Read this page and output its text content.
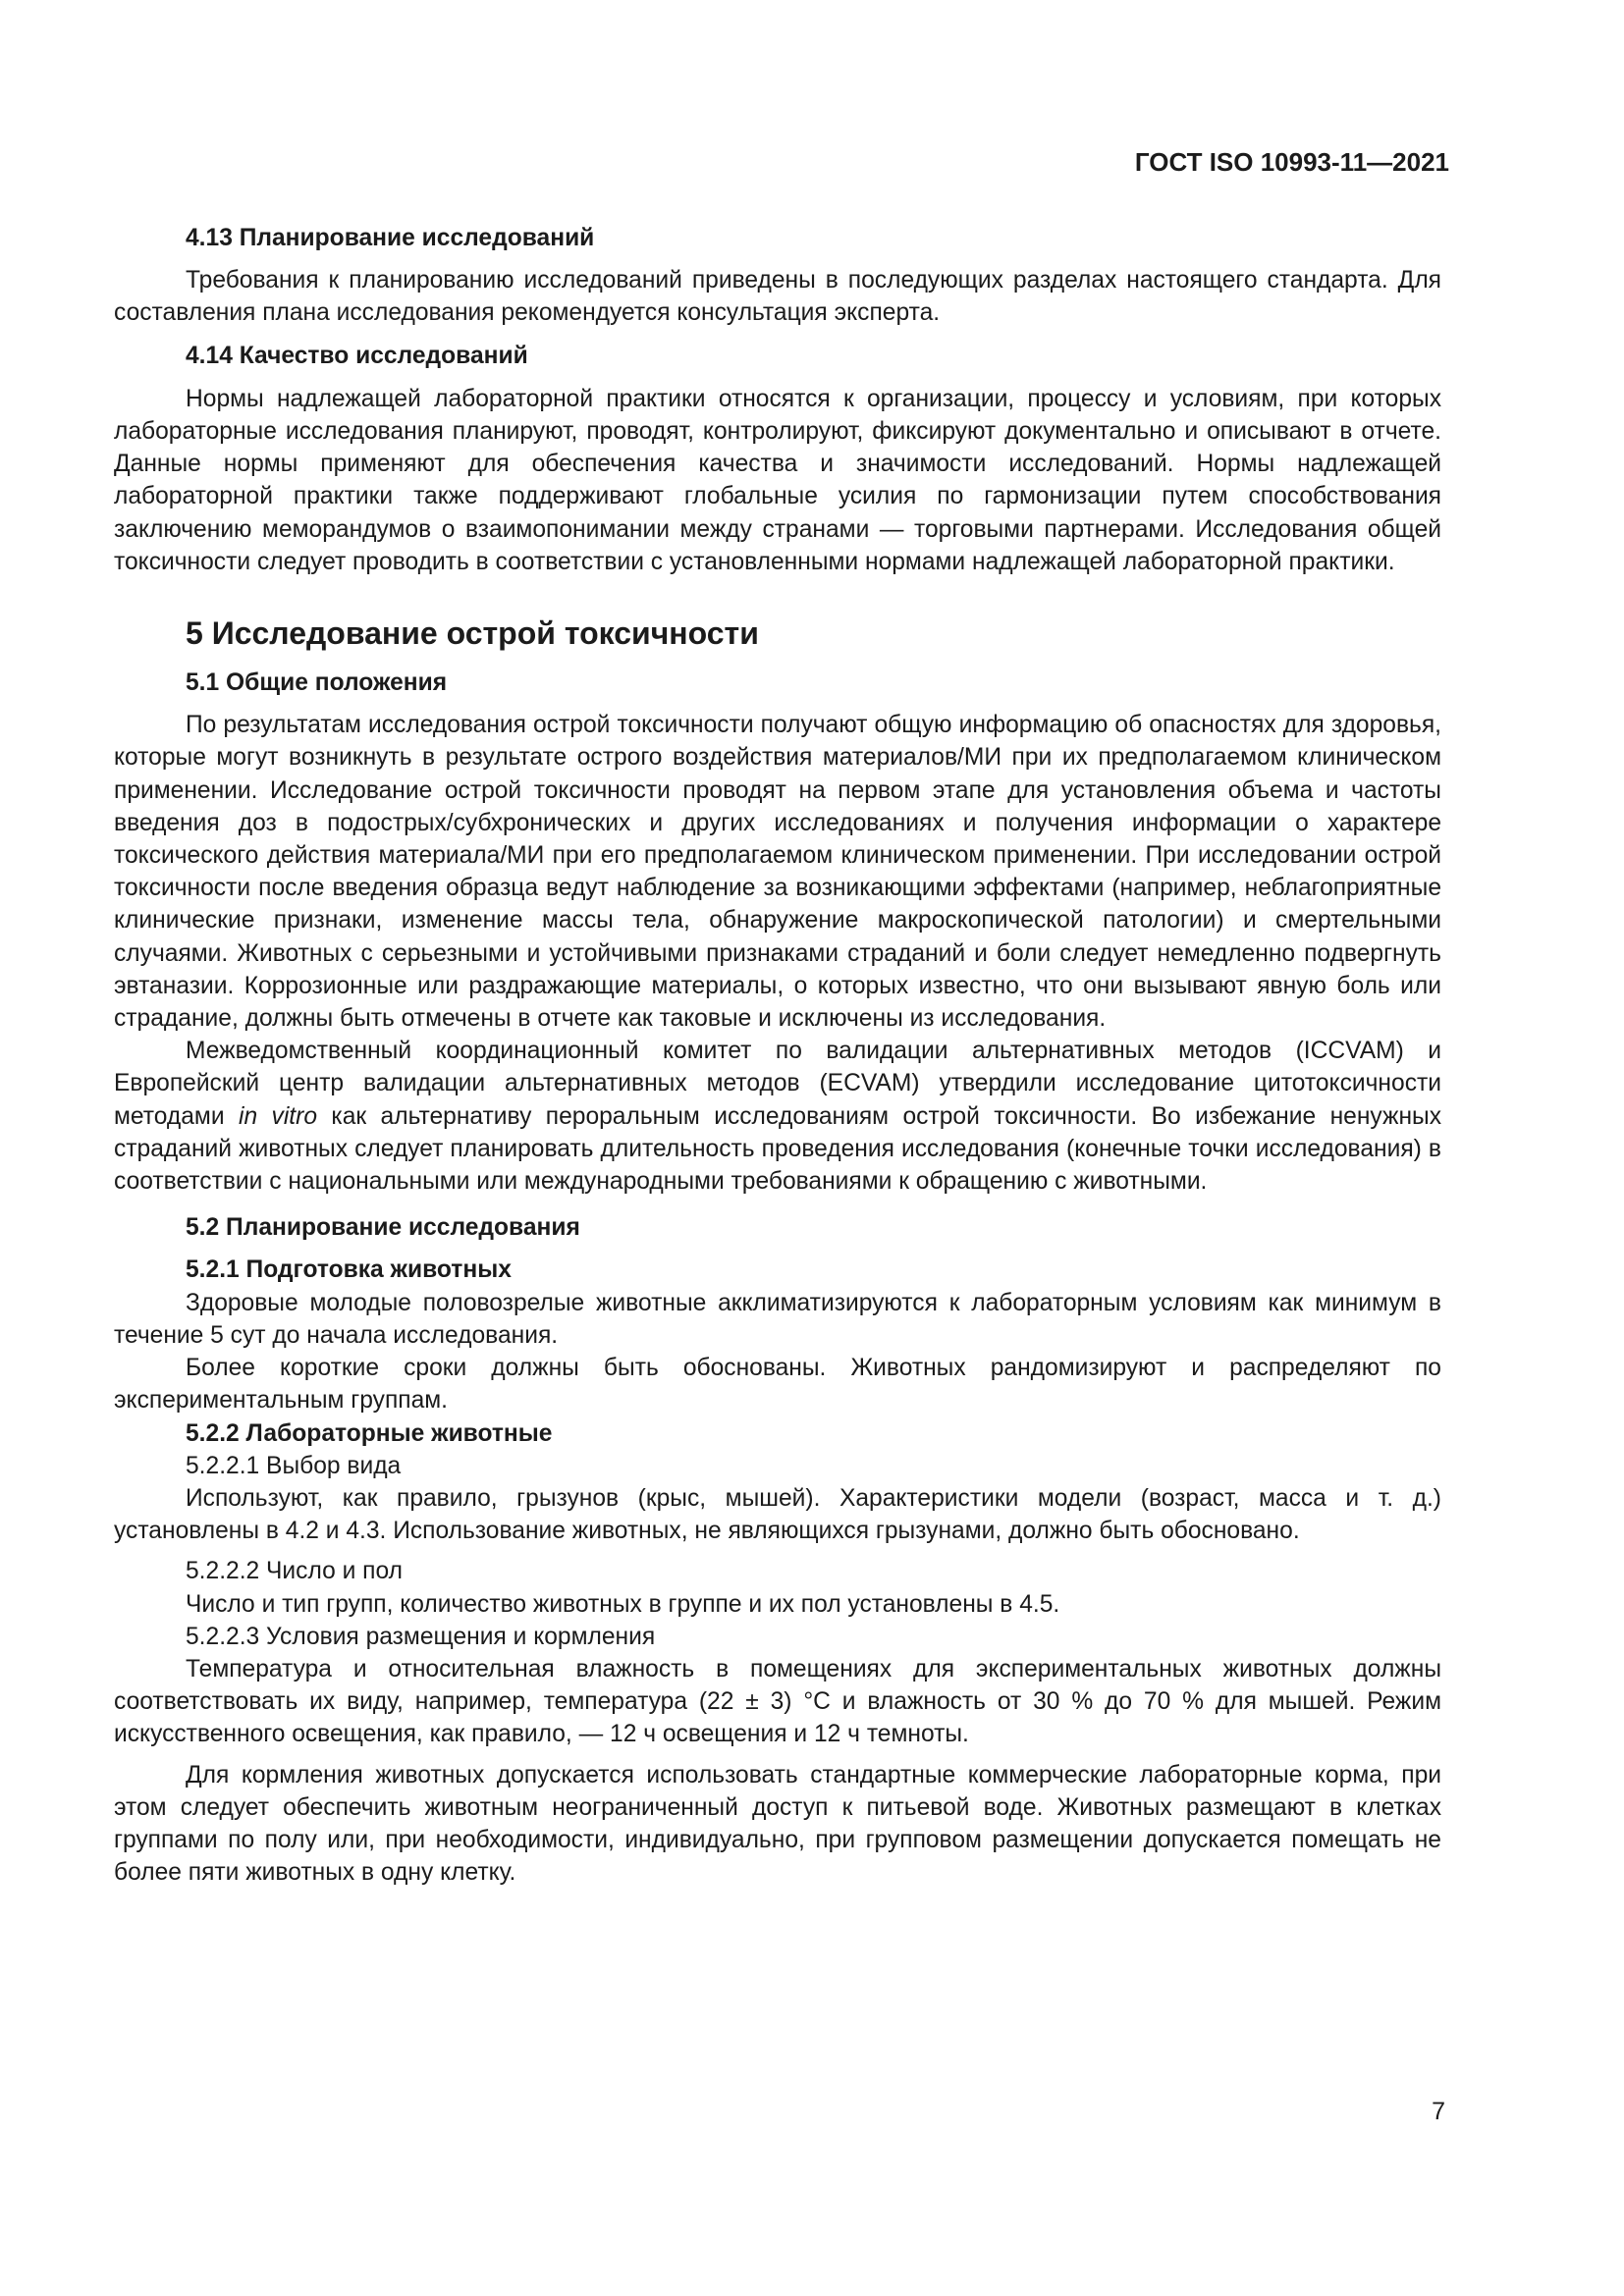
ГОСТ ISO 10993-11—2021
4.13 Планирование исследований

Требования к планированию исследований приведены в последующих разделах настоящего стандарта. Для составления плана исследования рекомендуется консультация эксперта.

4.14 Качество исследований

Нормы надлежащей лабораторной практики относятся к организации, процессу и условиям, при которых лабораторные исследования планируют, проводят, контролируют, фиксируют документально и описывают в отчете. Данные нормы применяют для обеспечения качества и значимости исследований. Нормы надлежащей лабораторной практики также поддерживают глобальные усилия по гармонизации путем способствования заключению меморандумов о взаимопонимании между странами — торговыми партнерами. Исследования общей токсичности следует проводить в соответствии с установленными нормами надлежащей лабораторной практики.

5 Исследование острой токсичности
5.1 Общие положения

По результатам исследования острой токсичности получают общую информацию об опасностях для здоровья, которые могут возникнуть в результате острого воздействия материалов/МИ при их предполагаемом клиническом применении. Исследование острой токсичности проводят на первом этапе для установления объема и частоты введения доз в подострых/субхронических и других исследованиях и получения информации о характере токсического действия материала/МИ при его предполагаемом клиническом применении. При исследовании острой токсичности после введения образца ведут наблюдение за возникающими эффектами (например, неблагоприятные клинические признаки, изменение массы тела, обнаружение макроскопической патологии) и смертельными случаями. Животных с серьезными и устойчивыми признаками страданий и боли следует немедленно подвергнуть эвтаназии. Коррозионные или раздражающие материалы, о которых известно, что они вызывают явную боль или страдание, должны быть отмечены в отчете как таковые и исключены из исследования.

Межведомственный координационный комитет по валидации альтернативных методов (ICCVAM) и Европейский центр валидации альтернативных методов (ECVAM) утвердили исследование цитотоксичности методами in vitro как альтернативу пероральным исследованиям острой токсичности. Во избежание ненужных страданий животных следует планировать длительность проведения исследования (конечные точки исследования) в соответствии с национальными или международными требованиями к обращению с животными.

5.2 Планирование исследования
5.2.1 Подготовка животных

Здоровые молодые половозрелые животные акклиматизируются к лабораторным условиям как минимум в течение 5 сут до начала исследования.

Более короткие сроки должны быть обоснованы. Животных рандомизируют и распределяют по экспериментальным группам.

5.2.2 Лабораторные животные
5.2.2.1 Выбор вида

Используют, как правило, грызунов (крыс, мышей). Характеристики модели (возраст, масса и т. д.) установлены в 4.2 и 4.3. Использование животных, не являющихся грызунами, должно быть обосновано.

5.2.2.2 Число и пол

Число и тип групп, количество животных в группе и их пол установлены в 4.5.

5.2.2.3 Условия размещения и кормления

Температура и относительная влажность в помещениях для экспериментальных животных должны соответствовать их виду, например, температура (22 ± 3) °С и влажность от 30 % до 70 % для мышей. Режим искусственного освещения, как правило, — 12 ч освещения и 12 ч темноты.

Для кормления животных допускается использовать стандартные коммерческие лабораторные корма, при этом следует обеспечить животным неограниченный доступ к питьевой воде. Животных размещают в клетках группами по полу или, при необходимости, индивидуально, при групповом размещении допускается помещать не более пяти животных в одну клетку.

7
